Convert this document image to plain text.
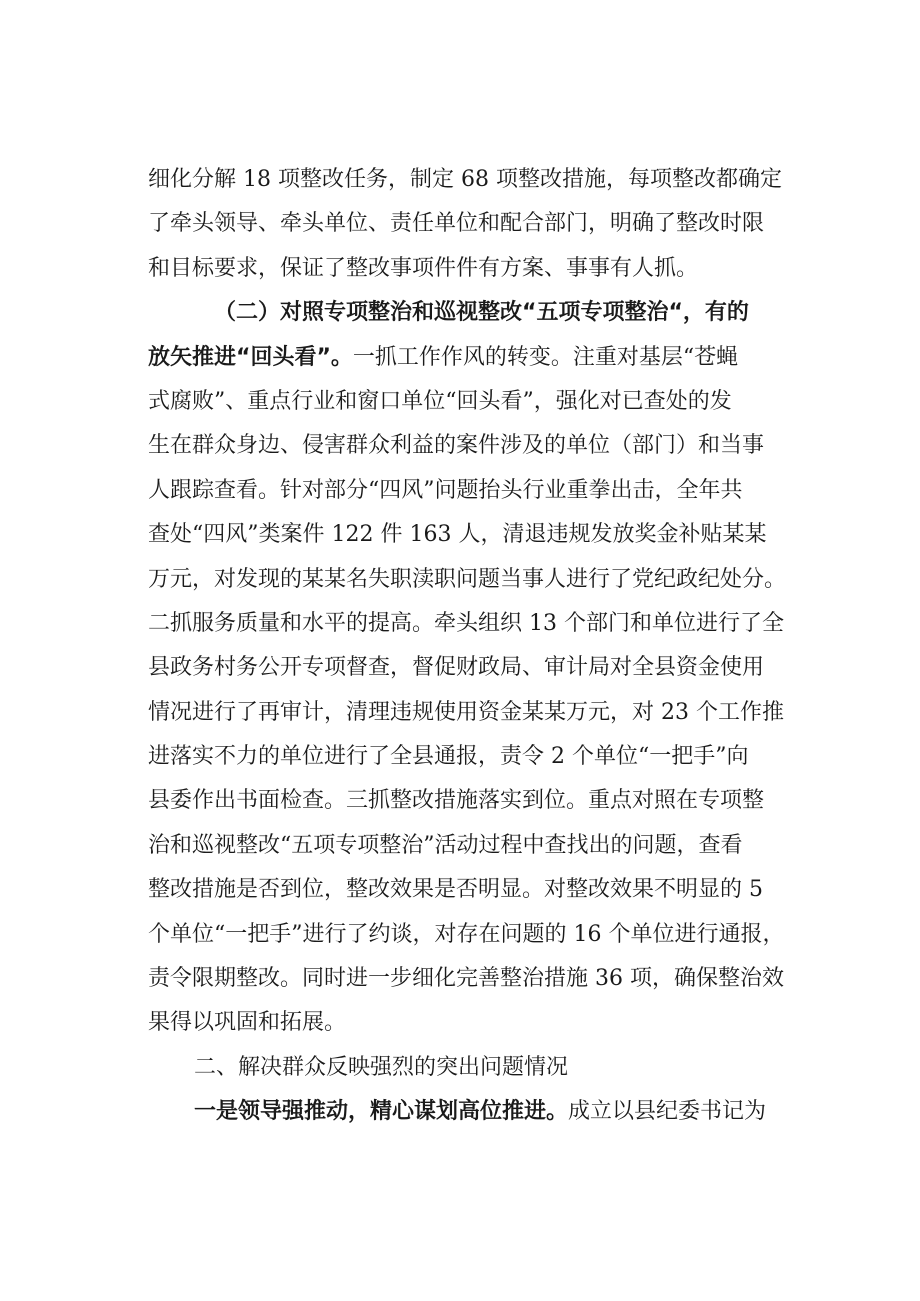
细化分解 18 项整改任务，制定 68 项整改措施，每项整改都确定
了牵头领导、牵头单位、责任单位和配合部门，明确了整改时限
和目标要求，保证了整改事项件件有方案、事事有人抓。
（二）对照专项整治和巡视整改“五项专项整治“，有的
放矢推进“回头看”。一抓工作作风的转变。注重对基层“苍蝇
式腐败”、重点行业和窗口单位“回头看”，强化对已查处的发
生在群众身边、侵害群众利益的案件涉及的单位（部门）和当事
人跟踪查看。针对部分“四风”问题抬头行业重拳出击，全年共
查处“四风”类案件 122 件 163 人，清退违规发放奖金补贴某某
万元，对发现的某某名失职渎职问题当事人进行了党纪政纪处分。
二抓服务质量和水平的提高。牵头组织 13 个部门和单位进行了全
县政务村务公开专项督查，督促财政局、审计局对全县资金使用
情况进行了再审计，清理违规使用资金某某万元，对 23 个工作推
进落实不力的单位进行了全县通报，责令 2 个单位“一把手”向
县委作出书面检查。三抓整改措施落实到位。重点对照在专项整
治和巡视整改“五项专项整治”活动过程中查找出的问题，查看
整改措施是否到位，整改效果是否明显。对整改效果不明显的 5
个单位“一把手”进行了约谈，对存在问题的 16 个单位进行通报，
责令限期整改。同时进一步细化完善整治措施 36 项，确保整治效
果得以巩固和拓展。
二、解决群众反映强烈的突出问题情况
一是领导强推动，精心谋划高位推进。成立以县纪委书记为
